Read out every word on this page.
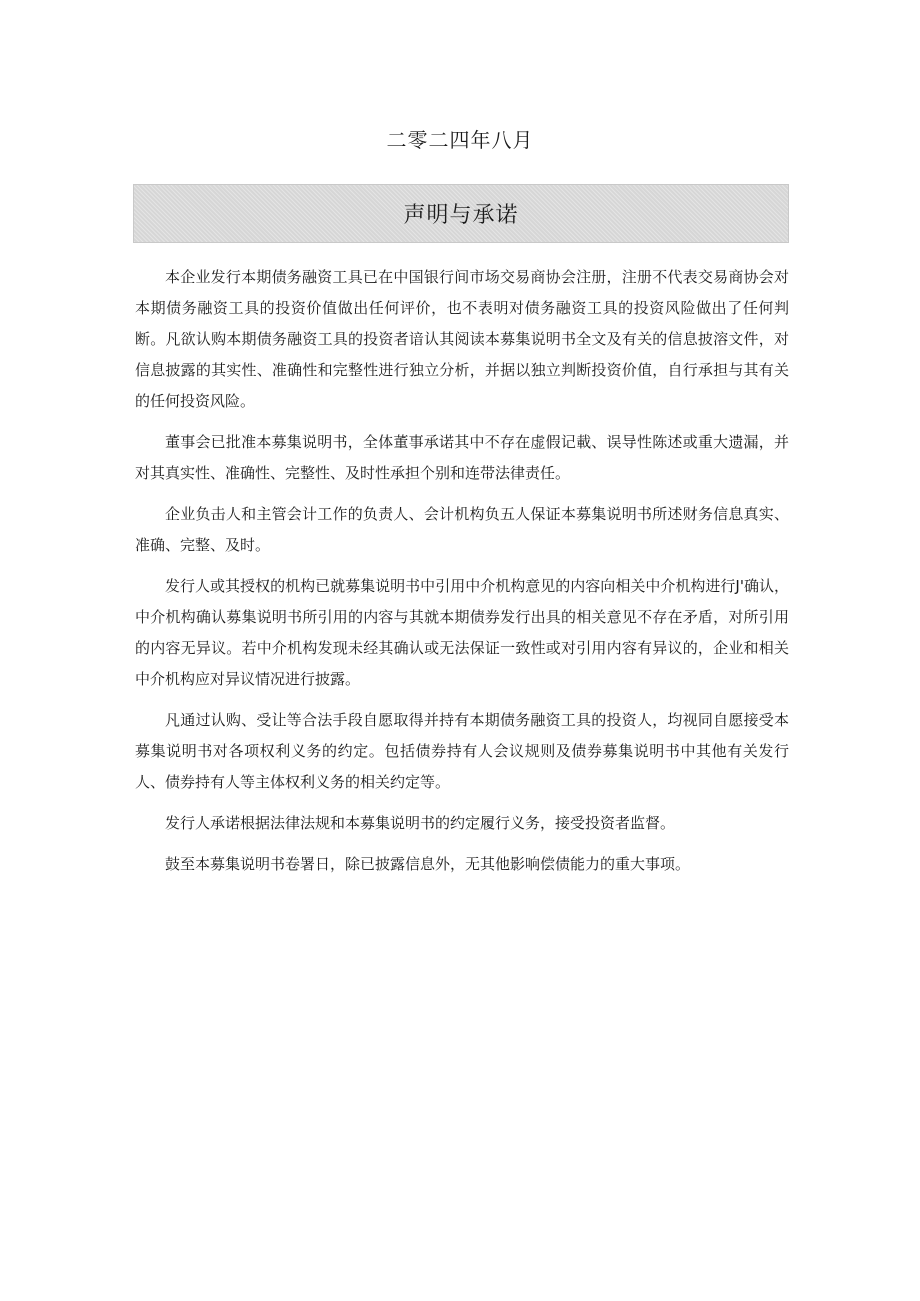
二零二四年八月
声明与承诺

本企业发行本期债务融资工具已在中国银行间市场交易商协会注册，注册不代表交易商协会对本期债务融资工具的投资价值做出任何评价，也不表明对债务融资工具的投资风险做出了任何判断。凡欲认购本期债务融资工具的投资者谙认其阅读本募集说明书全文及有关的信息披溶文件，对信息披露的其实性、准确性和完整性进行独立分析，并据以独立判断投资价值，自行承担与其有关的任何投资风险。

董事会已批准本募集说明书，全体董事承诺其中不存在虚假记載、误导性陈述或重大遗漏，并对其真实性、准确性、完整性、及时性承担个别和连带法律责任。

企业负击人和主管会计工作的负责人、会计机构负五人保证本募集说明书所述财务信息真实、准确、完整、及时。

发行人或其授权的机构已就募集说明书中引用中介机构意见的内容向相关中介机构进行J'确认，中介机构确认募集说明书所引用的内容与其就本期债券发行出具的相关意见不存在矛盾，对所引用的内容无异议。若中介机构发现未经其确认或无法保证一致性或对引用内容有异议的，企业和相关中介机构应对异议情况进行披露。

凡通过认购、受让等合法手段自愿取得并持有本期债务融资工具的投资人，均视同自愿接受本募集说明书对各项权利义务的约定。包括债券持有人会议规则及债券募集说明书中其他有关发行人、债券持有人等主体权利义务的相关约定等。

发行人承诺根据法律法规和本募集说明书的约定履行义务，接受投资者监督。

鼓至本募集说明书卷署日，除已披露信息外，无其他影响偿债能力的重大事项。
